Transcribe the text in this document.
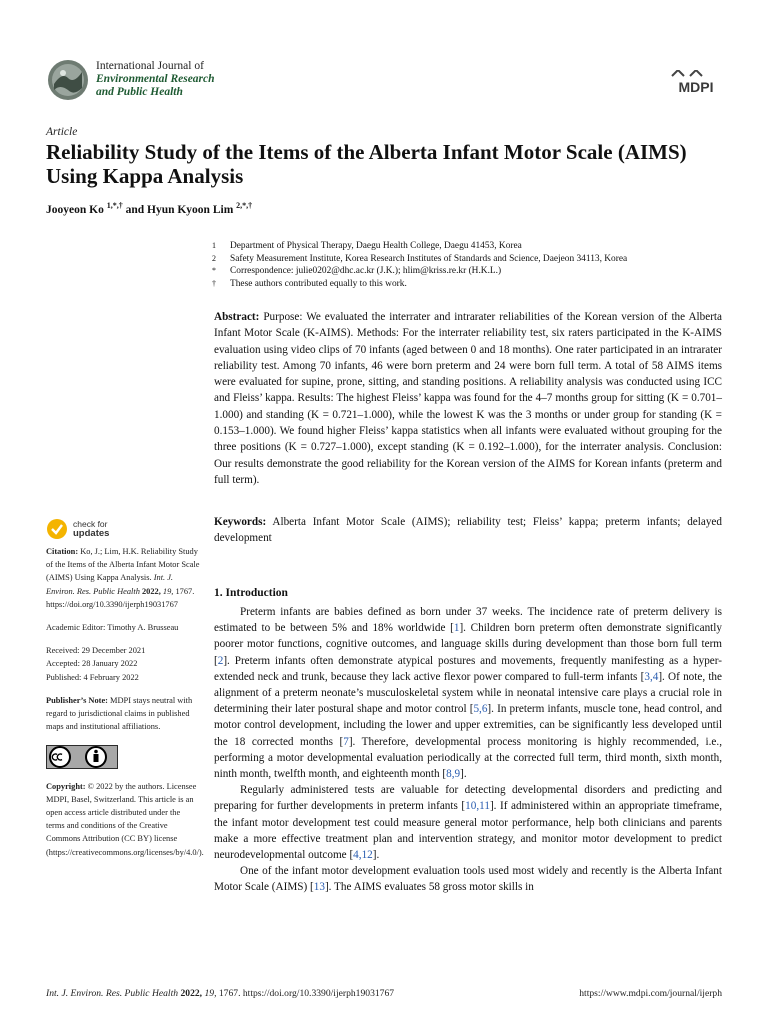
International Journal of
Environmental Research
and Public Health	MDPI
Article
Reliability Study of the Items of the Alberta Infant Motor Scale (AIMS) Using Kappa Analysis
Jooyeon Ko $^{1,*,\dagger}$ and Hyun Kyoon Lim $^{2,*,\dagger}$
1	Department of Physical Therapy, Daegu Health College, Daegu 41453, Korea
2	Safety Measurement Institute, Korea Research Institutes of Standards and Science, Daejeon 34113, Korea
*	Correspondence: julie0202@dhc.ac.kr (J.K.); hlim@kriss.re.kr (H.K.L.)
†	These authors contributed equally to this work.
Abstract: Purpose: We evaluated the interrater and intrarater reliabilities of the Korean version of the Alberta Infant Motor Scale (K-AIMS). Methods: For the interrater reliability test, six raters participated in the K-AIMS evaluation using video clips of 70 infants (aged between 0 and 18 months). One rater participated in an intrarater reliability test. Among 70 infants, 46 were born preterm and 24 were born full term. A total of 58 AIMS items were evaluated for supine, prone, sitting, and standing positions. A reliability analysis was conducted using ICC and Fleiss’ kappa. Results: The highest Fleiss’ kappa was found for the 4–7 months group for sitting (K = 0.701–1.000) and standing (K = 0.721–1.000), while the lowest K was the 3 months or under group for standing (K = 0.153–1.000). We found higher Fleiss’ kappa statistics when all infants were evaluated without grouping for the three positions (K = 0.727–1.000), except standing (K = 0.192–1.000), for the interrater analysis. Conclusion: Our results demonstrate the good reliability for the Korean version of the AIMS for Korean infants (preterm and full term).
Keywords: Alberta Infant Motor Scale (AIMS); reliability test; Fleiss’ kappa; preterm infants; delayed development
check for
updates
Citation: Ko, J.; Lim, H.K. Reliability Study of the Items of the Alberta Infant Motor Scale (AIMS) Using Kappa Analysis. Int. J. Environ. Res. Public Health 2022, 19, 1767. https://doi.org/10.3390/ijerph19031767
Academic Editor: Timothy A. Brusseau
Received: 29 December 2021
Accepted: 28 January 2022
Published: 4 February 2022
Publisher’s Note: MDPI stays neutral with regard to jurisdictional claims in published maps and institutional affiliations.
Copyright: © 2022 by the authors. Licensee MDPI, Basel, Switzerland. This article is an open access article distributed under the terms and conditions of the Creative Commons Attribution (CC BY) license (https://creativecommons.org/licenses/by/4.0/).
1. Introduction

Preterm infants are babies defined as born under 37 weeks. The incidence rate of preterm delivery is estimated to be between 5% and 18% worldwide [1]. Children born preterm often demonstrate significantly poorer motor functions, cognitive outcomes, and language skills during development than those born full term [2]. Preterm infants often demonstrate atypical postures and movements, frequently manifesting as a hyper-extended neck and trunk, because they lack active flexor power compared to full-term infants [3,4]. Of note, the alignment of a preterm neonate’s musculoskeletal system while in neonatal intensive care plays a crucial role in determining their later postural shape and motor control [5,6]. In preterm infants, muscle tone, head control, and motor control development, including the lower and upper extremities, can be significantly less developed until the 18 corrected months [7]. Therefore, developmental process monitoring is highly recommended, i.e., performing a motor developmental evaluation periodically at the corrected full term, third month, sixth month, ninth month, twelfth month, and eighteenth month [8,9].

Regularly administered tests are valuable for detecting developmental disorders and predicting and preparing for further developments in preterm infants [10,11]. If administered within an appropriate timeframe, the infant motor development test could measure general motor performance, help both clinicians and parents make a more effective treatment plan and intervention strategy, and monitor motor development to predict neurodevelopmental outcome [4,12].

One of the infant motor development evaluation tools used most widely and recently is the Alberta Infant Motor Scale (AIMS) [13]. The AIMS evaluates 58 gross motor skills in

Int. J. Environ. Res. Public Health 2022, 19, 1767. https://doi.org/10.3390/ijerph19031767	https://www.mdpi.com/journal/ijerph
